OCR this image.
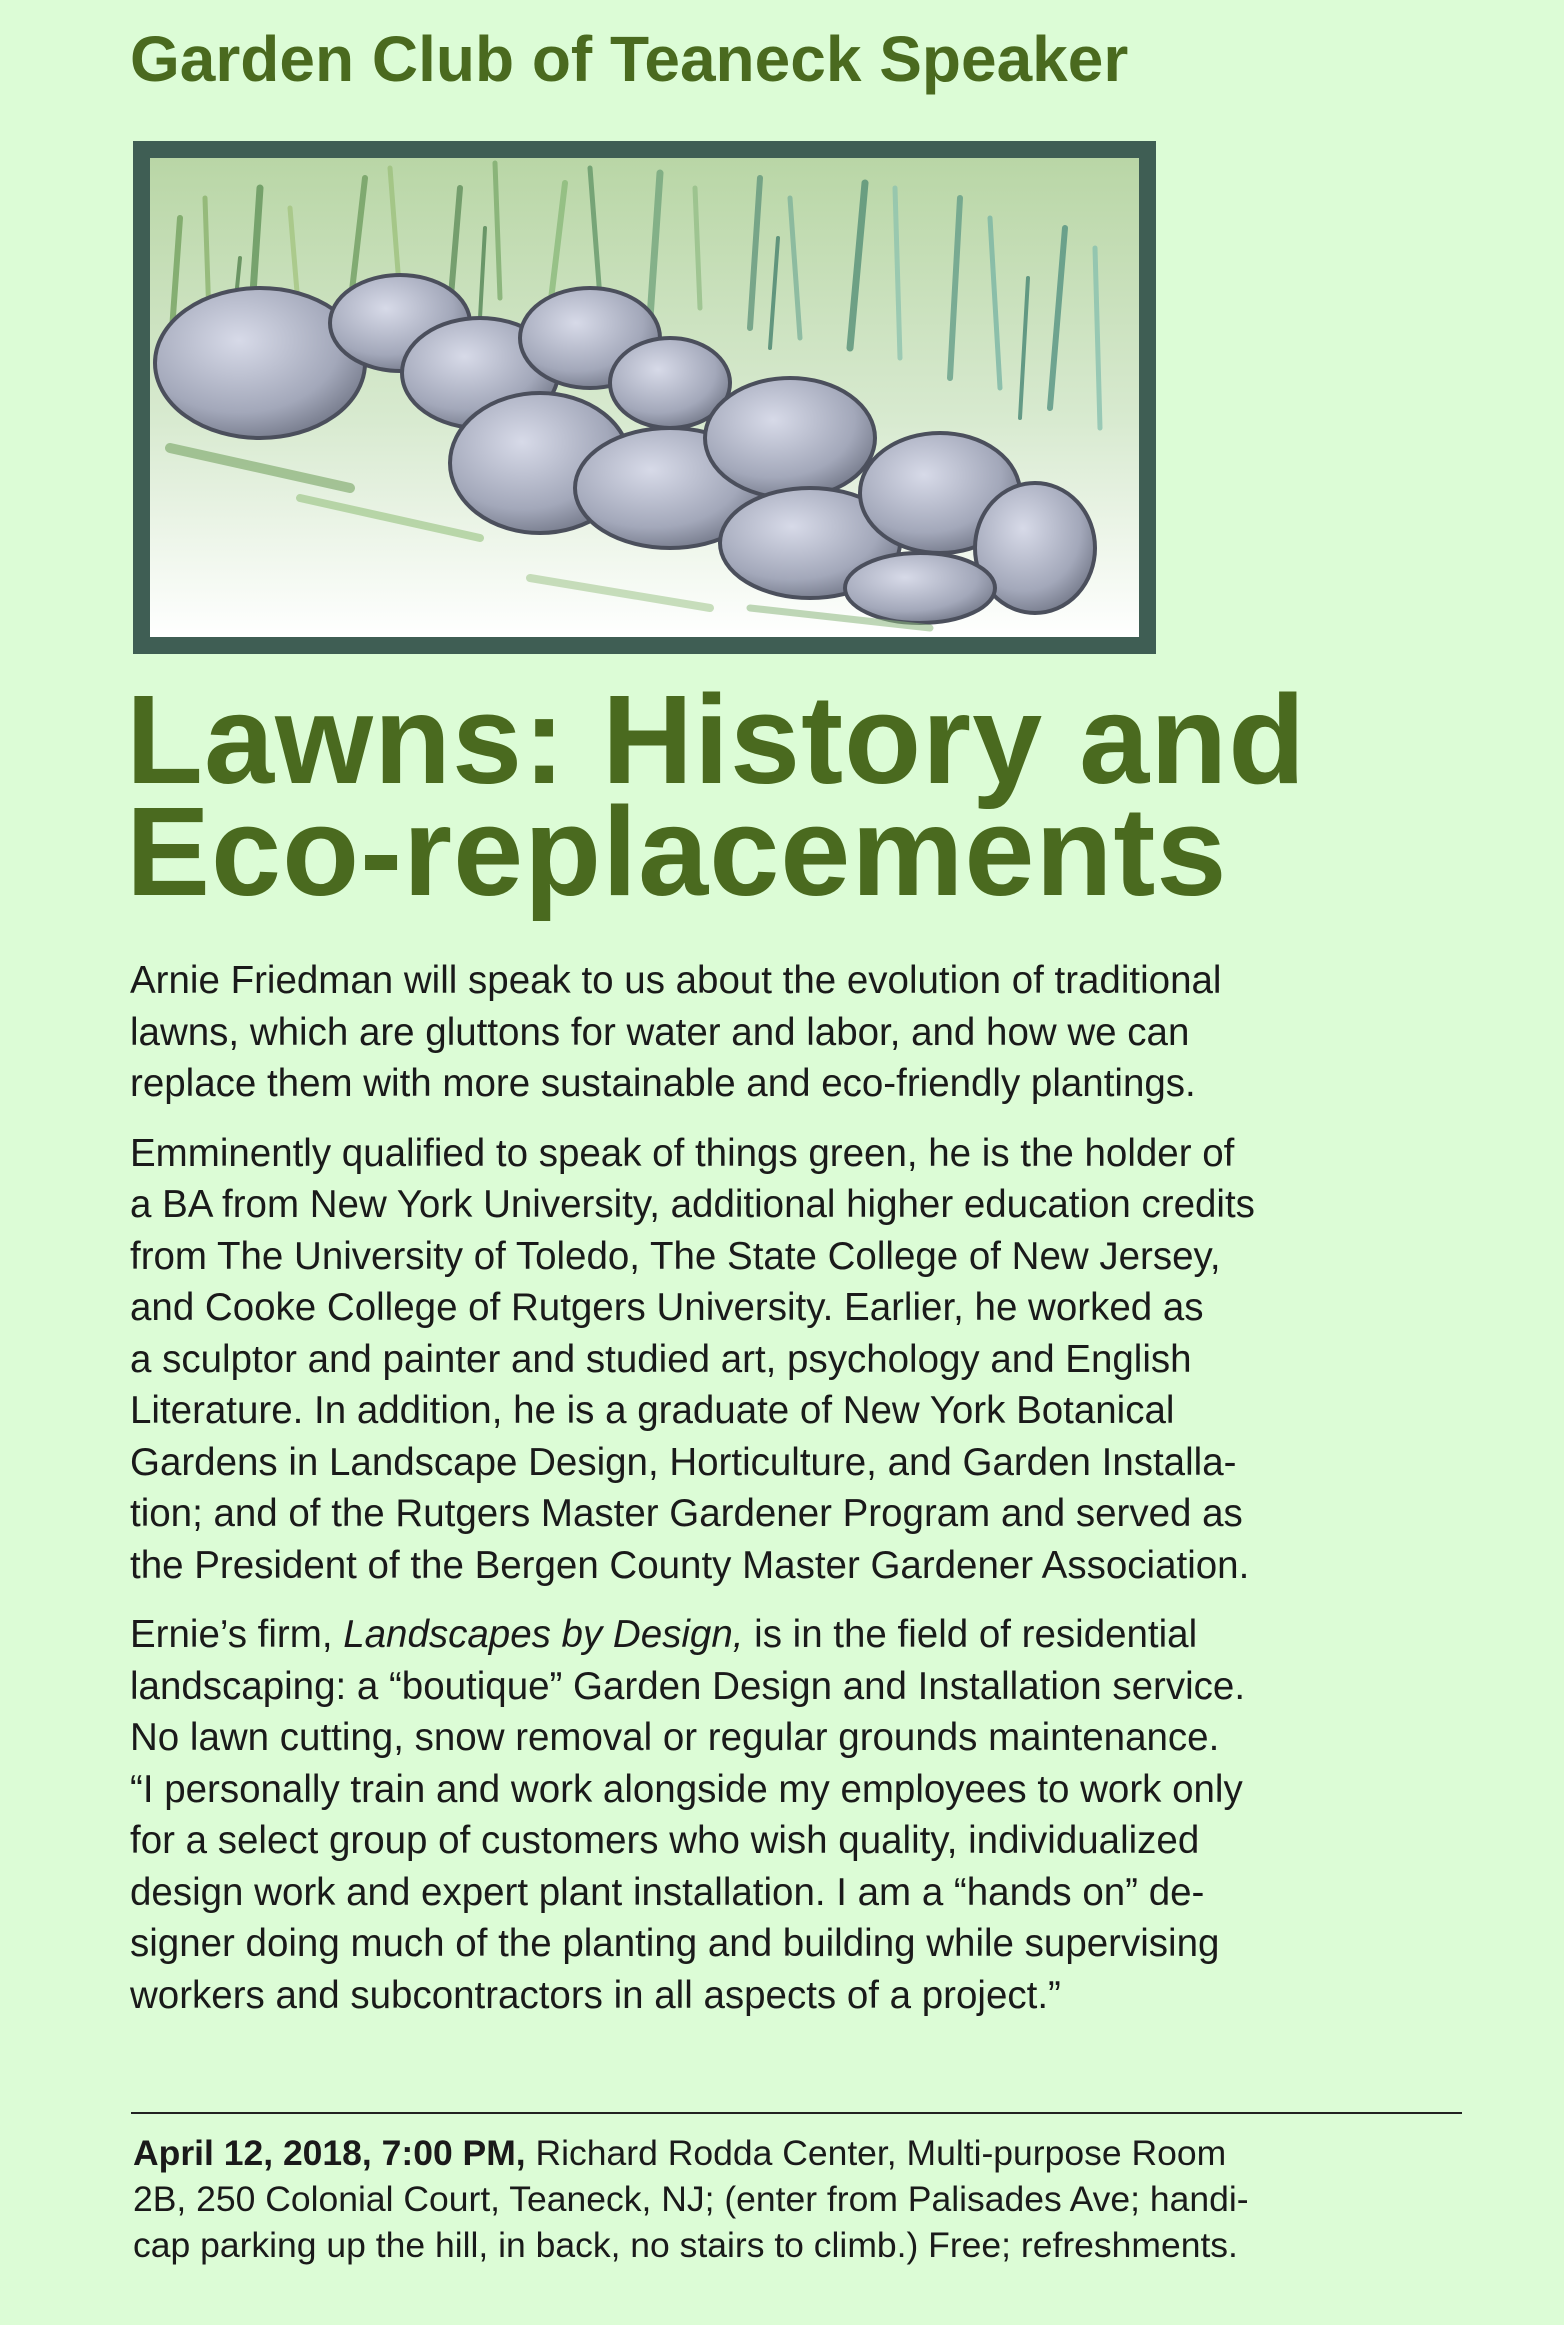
Garden Club of Teaneck Speaker
Lawns: History and
Eco-replacements

Arnie Friedman will speak to us about the evolution of traditional
lawns, which are gluttons for water and labor, and how we can
replace them with more sustainable and eco-friendly plantings.

Emminently qualified to speak of things green, he is the holder of
a BA from New York University, additional higher education credits
from The University of Toledo, The State College of New Jersey,
and Cooke College of Rutgers University. Earlier, he worked as
a sculptor and painter and studied art, psychology and English
Literature. In addition, he is a graduate of New York Botanical
Gardens in Landscape Design, Horticulture, and Garden Installa-
tion; and of the Rutgers Master Gardener Program and served as
the President of the Bergen County Master Gardener Association.

Ernie’s firm, Landscapes by Design, is in the field of residential
landscaping: a “boutique” Garden Design and Installation service.
No lawn cutting, snow removal or regular grounds maintenance.
“I personally train and work alongside my employees to work only
for a select group of customers who wish quality, individualized
design work and expert plant installation. I am a “hands on” de-
signer doing much of the planting and building while supervising
workers and subcontractors in all aspects of a project.”

April 12, 2018, 7:00 PM, Richard Rodda Center, Multi-purpose Room
2B, 250 Colonial Court, Teaneck, NJ; (enter from Palisades Ave; handi-
cap parking up the hill, in back, no stairs to climb.) Free; refreshments.
